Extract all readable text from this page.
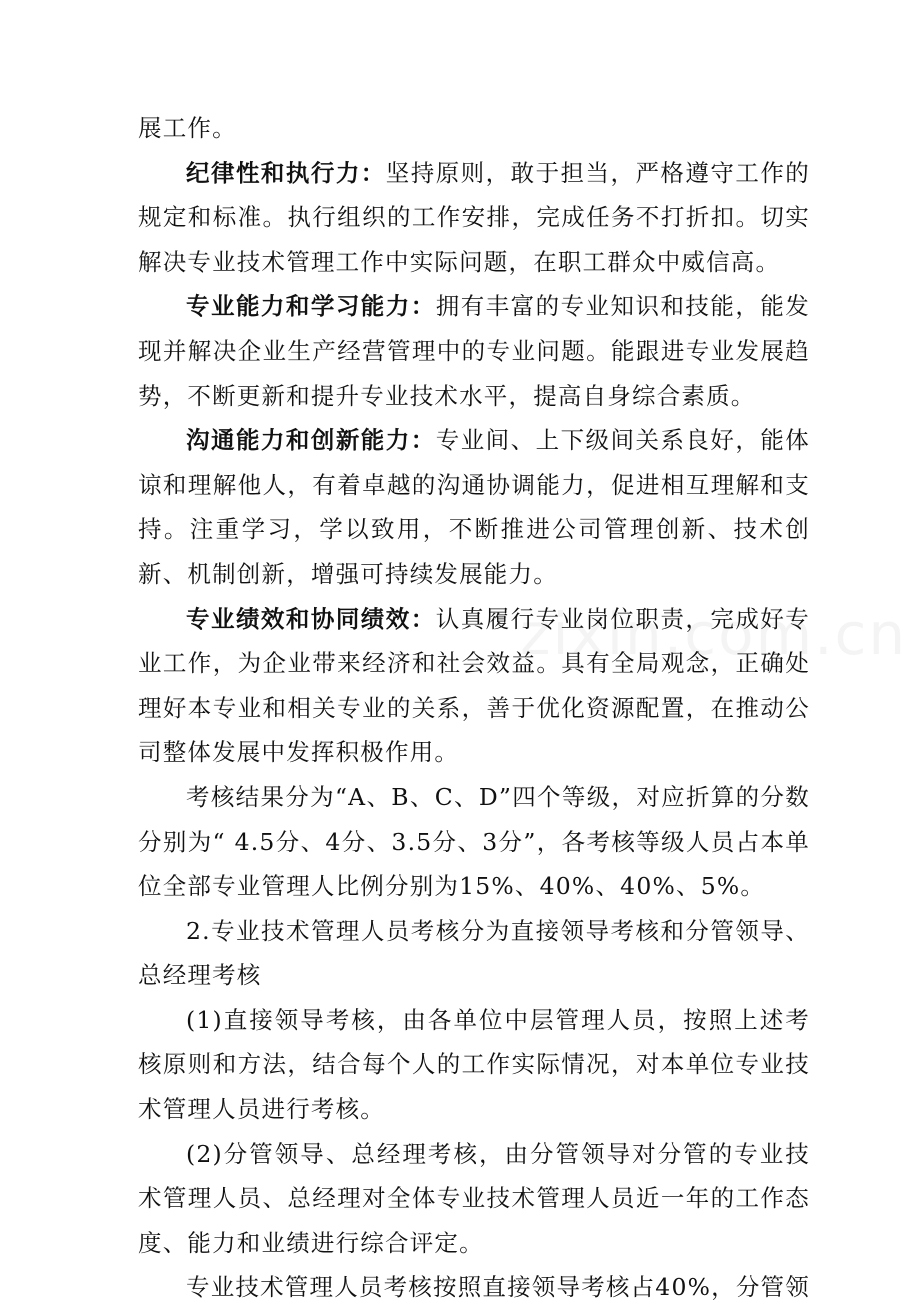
展工作。

纪律性和执行力：坚持原则，敢于担当，严格遵守工作的规定和标准。执行组织的工作安排，完成任务不打折扣。切实解决专业技术管理工作中实际问题，在职工群众中威信高。

专业能力和学习能力：拥有丰富的专业知识和技能，能发现并解决企业生产经营管理中的专业问题。能跟进专业发展趋势，不断更新和提升专业技术水平，提高自身综合素质。

沟通能力和创新能力：专业间、上下级间关系良好，能体谅和理解他人，有着卓越的沟通协调能力，促进相互理解和支持。注重学习，学以致用，不断推进公司管理创新、技术创新、机制创新，增强可持续发展能力。

专业绩效和协同绩效：认真履行专业岗位职责，完成好专业工作，为企业带来经济和社会效益。具有全局观念，正确处理好本专业和相关专业的关系，善于优化资源配置，在推动公司整体发展中发挥积极作用。

考核结果分为“A、B、C、D”四个等级，对应折算的分数分别为“ 4.5分、4分、3.5分、3分”，各考核等级人员占本单位全部专业管理人比例分别为15%、40%、40%、5%。

2.专业技术管理人员考核分为直接领导考核和分管领导、总经理考核

(1)直接领导考核，由各单位中层管理人员，按照上述考核原则和方法，结合每个人的工作实际情况，对本单位专业技术管理人员进行考核。

(2)分管领导、总经理考核，由分管领导对分管的专业技术管理人员、总经理对全体专业技术管理人员近一年的工作态度、能力和业绩进行综合评定。

专业技术管理人员考核按照直接领导考核占40%，分管领
